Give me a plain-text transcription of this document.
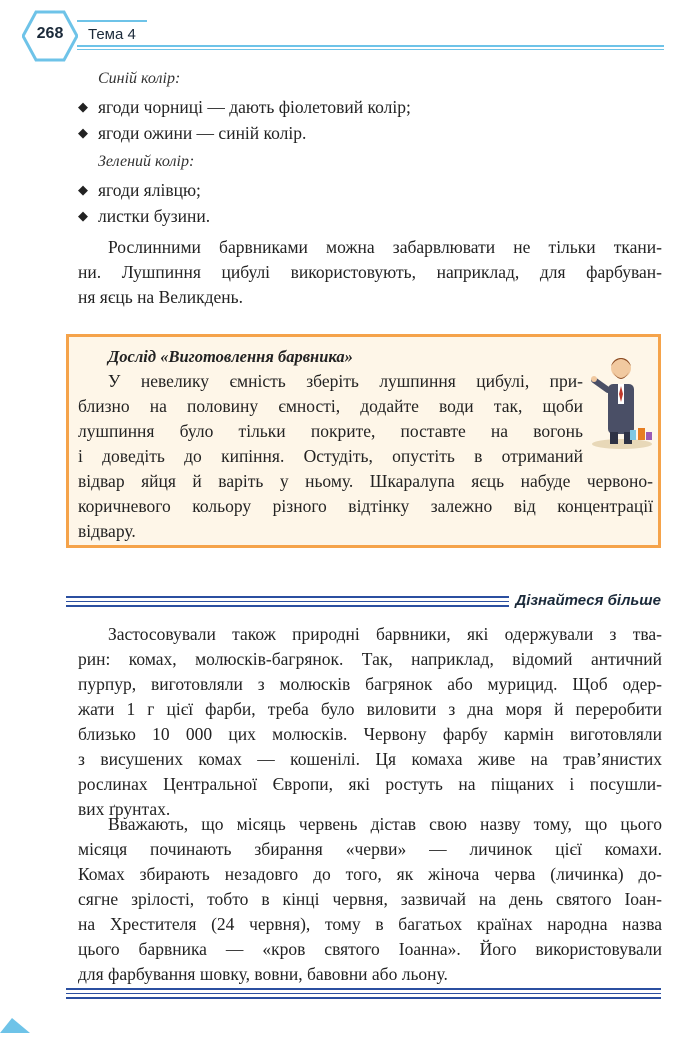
268	Тема 4

Синій колір:

◆ ягоди чорниці — дають фіолетовий колір;
◆ ягоди ожини — синій колір.

Зелений колір:

◆ ягоди ялівцю;
◆ листки бузини.

Рослинними барвниками можна забарвлювати не тільки ткани-
ни. Лушпиння цибулі використовують, наприклад, для фарбуван-
ня яєць на Великдень.

Дослід «Виготовлення барвника»

У невелику ємність зберіть лушпиння цибулі, при-
близно на половину ємності, додайте води так, щоби
лушпиння було тільки покрите, поставте на вогонь
і доведіть до кипіння. Остудіть, опустіть в отриманий
відвар яйця й варіть у ньому. Шкаралупа яєць набуде червоно-
коричневого кольору різного відтінку залежно від концентрації
відвару.

Дізнайтеся більше

Застосовували також природні барвники, які одержували з тва-
рин: комах, молюсків-багрянок. Так, наприклад, відомий античний
пурпур, виготовляли з молюсків багрянок або мурицид. Щоб одер-
жати 1 г цієї фарби, треба було виловити з дна моря й переробити
близько 10 000 цих молюсків. Червону фарбу кармін виготовляли
з висушених комах — кошенілі. Ця комаха живе на трав’янистих
рослинах Центральної Європи, які ростуть на піщаних і посушли-
вих ґрунтах.

Вважають, що місяць червень дістав свою назву тому, що цього
місяця починають збирання «черви» — личинок цієї комахи.
Комах збирають незадовго до того, як жіноча черва (личинка) до-
сягне зрілості, тобто в кінці червня, зазвичай на день святого Іоан-
на Хрестителя (24 червня), тому в багатьох країнах народна назва
цього барвника — «кров святого Іоанна». Його використовували
для фарбування шовку, вовни, бавовни або льону.
